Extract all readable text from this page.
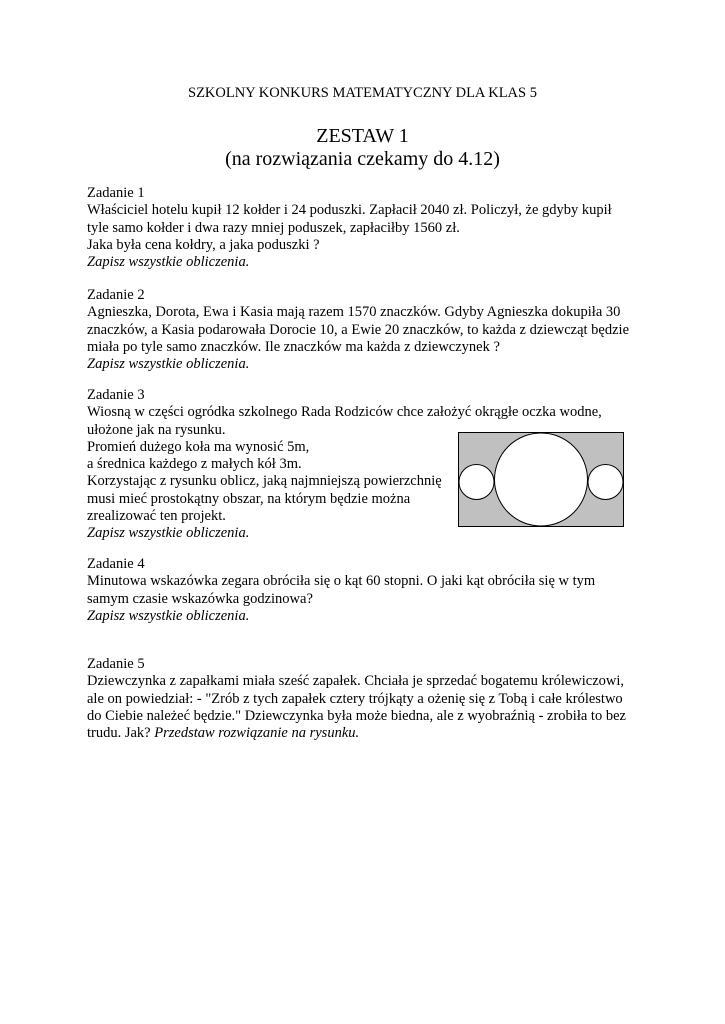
SZKOLNY KONKURS MATEMATYCZNY DLA KLAS 5
ZESTAW 1
(na rozwiązania czekamy do 4.12)

Zadanie 1

Właściciel hotelu kupił 12 kołder i 24 poduszki. Zapłacił 2040 zł. Policzył, że gdyby kupił

tyle samo kołder i dwa razy mniej poduszek, zapłaciłby 1560 zł.

Jaka była cena kołdry, a jaka poduszki ?

Zapisz wszystkie obliczenia.

Zadanie 2

Agnieszka, Dorota, Ewa i Kasia mają razem 1570 znaczków. Gdyby Agnieszka dokupiła 30

znaczków, a Kasia podarowała Dorocie 10, a Ewie 20 znaczków, to każda z dziewcząt będzie

miała po tyle samo znaczków. Ile znaczków ma każda z dziewczynek ?

Zapisz wszystkie obliczenia.

Zadanie 3

Wiosną w części ogródka szkolnego Rada Rodziców chce założyć okrągłe oczka wodne,

ułożone jak na rysunku.

Promień dużego koła ma wynosić 5m,

a średnica każdego z małych kół 3m.

Korzystając z rysunku oblicz, jaką najmniejszą powierzchnię

musi mieć prostokątny obszar, na którym będzie można

zrealizować ten projekt.

Zapisz wszystkie obliczenia.

Zadanie 4

Minutowa wskazówka zegara obróciła się o kąt 60 stopni. O jaki kąt obróciła się w tym

samym czasie wskazówka godzinowa?

Zapisz wszystkie obliczenia.

Zadanie 5

Dziewczynka z zapałkami miała sześć zapałek. Chciała je sprzedać bogatemu królewiczowi,

ale on powiedział: - "Zrób z tych zapałek cztery trójkąty a ożenię się z Tobą i całe królestwo

do Ciebie należeć będzie." Dziewczynka była może biedna, ale z wyobraźnią - zrobiła to bez

trudu. Jak? Przedstaw rozwiązanie na rysunku.
